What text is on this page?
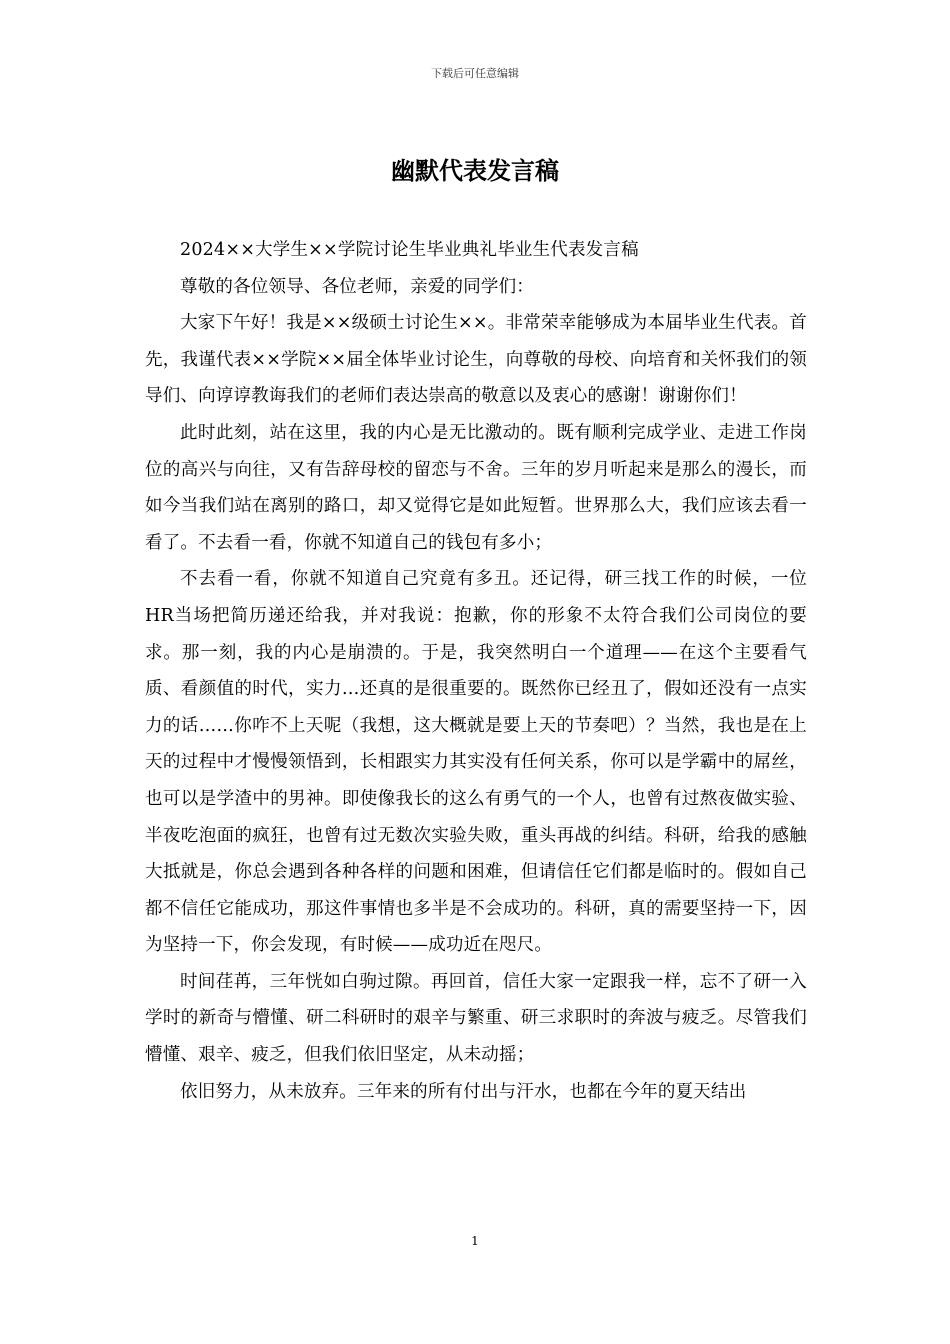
下载后可任意编辑
幽默代表发言稿

2024××大学生××学院讨论生毕业典礼毕业生代表发言稿

尊敬的各位领导、各位老师，亲爱的同学们：

大家下午好！我是××级硕士讨论生××。非常荣幸能够成为本届毕业生代表。首先，我谨代表××学院××届全体毕业讨论生，向尊敬的母校、向培育和关怀我们的领导们、向谆谆教诲我们的老师们表达崇高的敬意以及衷心的感谢！谢谢你们！

此时此刻，站在这里，我的内心是无比激动的。既有顺利完成学业、走进工作岗位的高兴与向往，又有告辞母校的留恋与不舍。三年的岁月听起来是那么的漫长，而如今当我们站在离别的路口，却又觉得它是如此短暂。世界那么大，我们应该去看一看了。不去看一看，你就不知道自己的钱包有多小；

不去看一看，你就不知道自己究竟有多丑。还记得，研三找工作的时候，一位HR当场把简历递还给我，并对我说：抱歉，你的形象不太符合我们公司岗位的要求。那一刻，我的内心是崩溃的。于是，我突然明白一个道理——在这个主要看气质、看颜值的时代，实力…还真的是很重要的。既然你已经丑了，假如还没有一点实力的话……你咋不上天呢（我想，这大概就是要上天的节奏吧）？当然，我也是在上天的过程中才慢慢领悟到，长相跟实力其实没有任何关系，你可以是学霸中的屌丝，也可以是学渣中的男神。即使像我长的这么有勇气的一个人，也曾有过熬夜做实验、半夜吃泡面的疯狂，也曾有过无数次实验失败，重头再战的纠结。科研，给我的感触大抵就是，你总会遇到各种各样的问题和困难，但请信任它们都是临时的。假如自己都不信任它能成功，那这件事情也多半是不会成功的。科研，真的需要坚持一下，因为坚持一下，你会发现，有时候——成功近在咫尺。

时间荏苒，三年恍如白驹过隙。再回首，信任大家一定跟我一样，忘不了研一入学时的新奇与懵懂、研二科研时的艰辛与繁重、研三求职时的奔波与疲乏。尽管我们懵懂、艰辛、疲乏，但我们依旧坚定，从未动摇；

依旧努力，从未放弃。三年来的所有付出与汗水，也都在今年的夏天结出

1
